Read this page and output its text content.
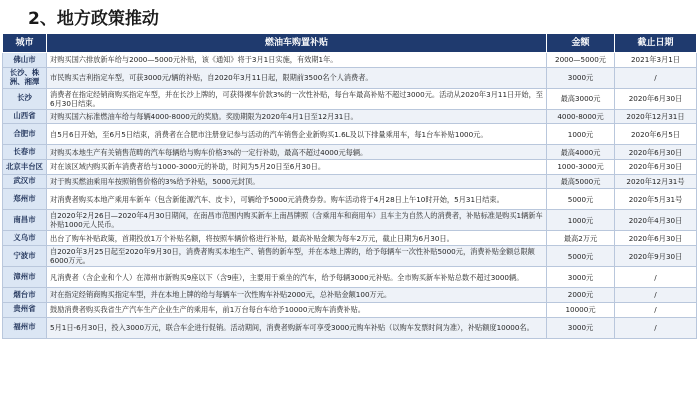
2、地方政策推动
城市	燃油车购置补贴	金额	截止日期
佛山市	对购买国六排放新车给与2000—5000元补贴，该《通知》将于3月1日实施，有效期1年。	2000—5000元	2021年3月1日
长沙、株洲、湘潭	市民购买吉利指定车型，可获3000元/辆的补贴，自2020年3月11日起，限期前3500名个人消费者。	3000元	/
长沙	消费者在指定经销商购买指定车型，并在长沙上牌的，可获得裸车价款3%的一次性补贴，每台车最高补贴不超过3000元。活动从2020年3月11日开始，至6月30日结束。	最高3000元	2020年6月30日
山西省	对购买国六标准燃油车给与每辆4000-8000元的奖励。奖励期限为2020年4月1日至12月31日。	4000-8000元	2020年12月31日
合肥市	自5月6日开始，至6月5日结束，消费者在合肥市注册登记参与活动的汽车销售企业新购买1.6L及以下排量乘用车，每1台车补贴1000元。	1000元	2020年6月5日
长春市	对购买本地生产有关销售范畴的汽车每辆给与购车价格3%的一定行补助，最高不超过4000元每辆。	最高4000元	2020年6月30日
北京丰台区	对在该区域内购买新车消费者给与1000-3000元的补助，时间为5月20日至6月30日。	1000-3000元	2020年6月30日
武汉市	对于购买燃油乘用车按照销售价格的3%给予补贴，5000元封顶。	最高5000元	2020年12月31号
郑州市	对消费者购买本地产乘用车新车（包含新能源汽车、皮卡），可辆给予5000元消费券券。购车活动将于4月28日上午10时开始，5月31日结束。	5000元	2020年5月31号
南昌市	自2020年2月26日—2020年4月30日期间，在南昌市范围内购买新车上南昌牌照（含乘用车和商用车）且车主为自然人的消费者，补贴标准是购买1辆新车补贴1000元人民币。	1000元	2020年4月30日
义乌市	出台了购车补贴政策，首期投放1万个补贴名额，将按照车辆价格进行补贴，最高补贴金额为每车2万元，截止日期为6月30日。	最高2万元	2020年6月30日
宁波市	自2020年3月25日起至2020年9月30日，消费者购买本地生产、销售的新车型，并在本地上牌的，给予每辆车一次性补贴5000元，消费补贴金额总限额6000万元。	5000元	2020年9月30日
漳州市	凡消费者（含企业和个人）在漳州市新购买9座以下（含9座），主要用于乘坐的汽车，给予每辆3000元补贴。全市购买新车补贴总数不超过3000辆。	3000元	/
烟台市	对在指定经销商购买指定车型，并在本地上牌的给与每辆车一次性购车补贴2000元，总补贴金额100万元。	2000元	/
贵州省	鼓励消费者购买我省生产汽车生产企业生产的乘用车，前1万台每台车给予10000元购车消费补贴。	10000元	/
福州市	5月1日-6月30日，投入3000万元，联合车企进行促销。活动期间，消费者购新车可享受3000元购车补贴（以购车发票时间为准），补贴额度10000名。	3000元	/
